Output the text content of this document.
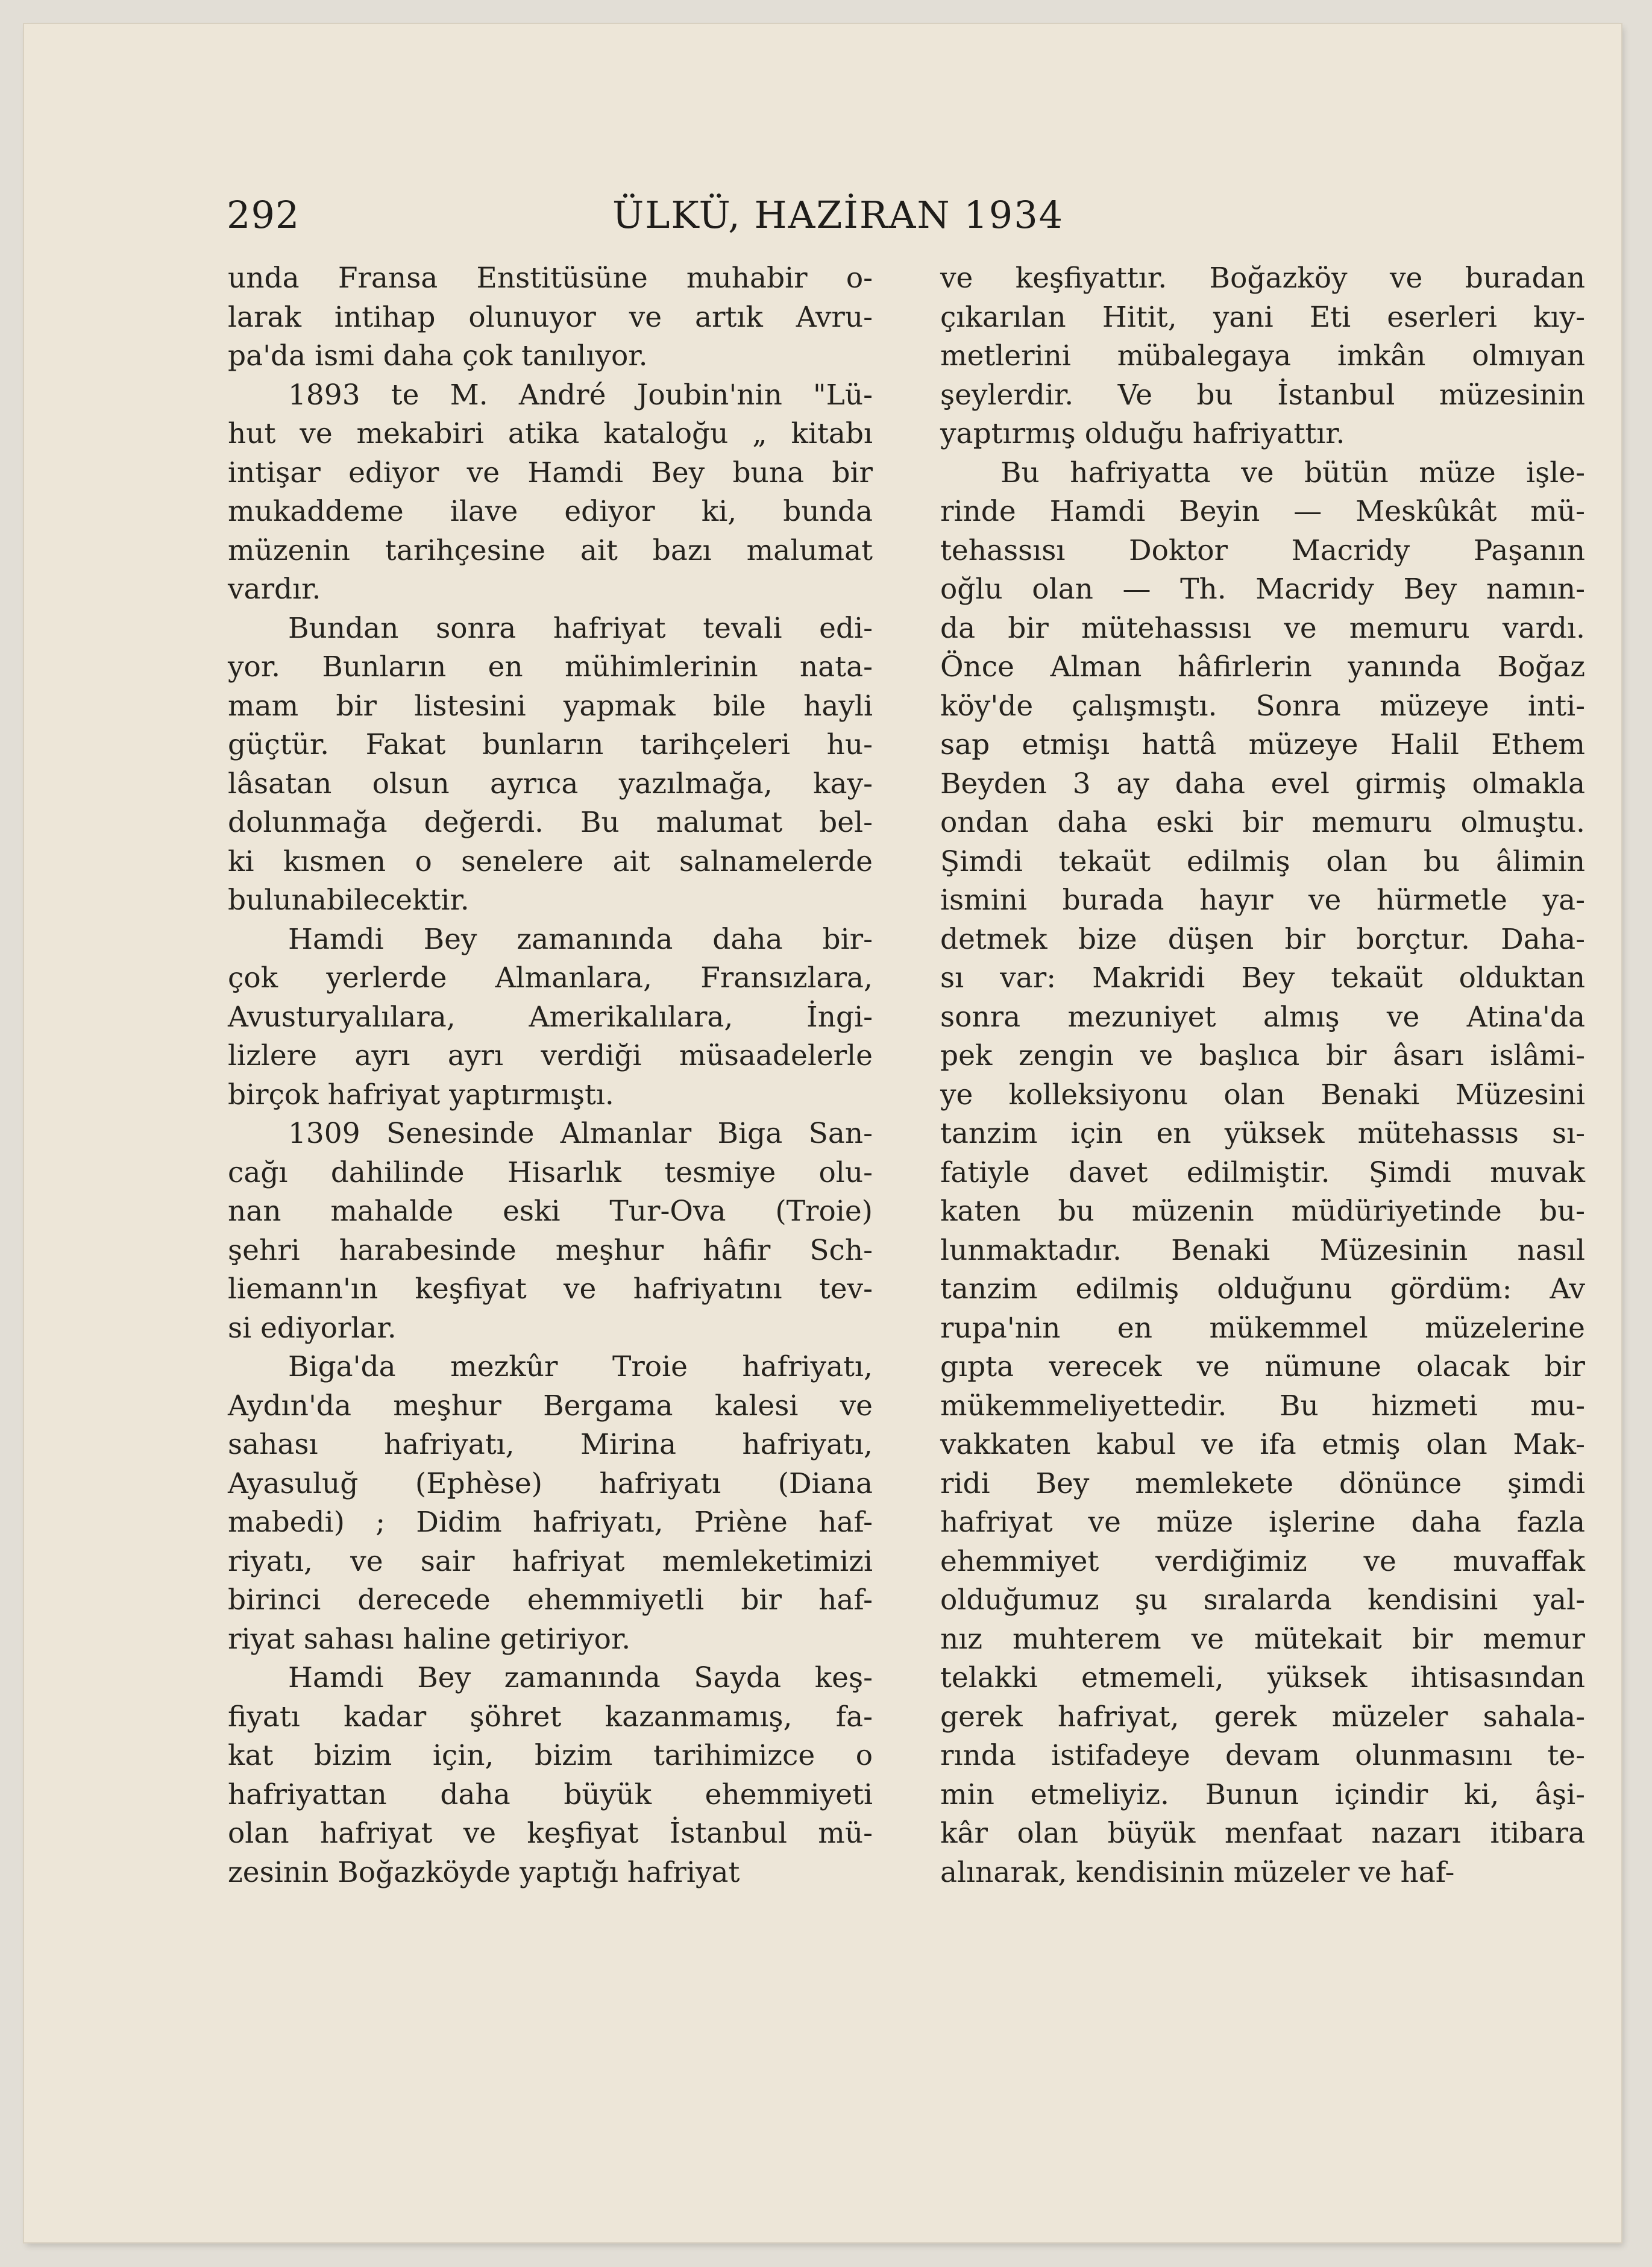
292	ÜLKÜ, HAZİRAN 1934
unda Fransa Enstitüsüne muhabir o-
larak intihap olunuyor ve artık Avru-
pa'da ismi daha çok tanılıyor.
1893 te M. André Joubin'nin "Lü-
hut ve mekabiri atika kataloğu „ kitabı
intişar ediyor ve Hamdi Bey buna bir
mukaddeme ilave ediyor ki, bunda
müzenin tarihçesine ait bazı malumat
vardır.
Bundan sonra hafriyat tevali edi-
yor. Bunların en mühimlerinin nata-
mam bir listesini yapmak bile hayli
güçtür. Fakat bunların tarihçeleri hu-
lâsatan olsun ayrıca yazılmağa, kay-
dolunmağa değerdi. Bu malumat bel-
ki kısmen o senelere ait salnamelerde
bulunabilecektir.
Hamdi Bey zamanında daha bir-
çok yerlerde Almanlara, Fransızlara,
Avusturyalılara, Amerikalılara, İngi-
lizlere ayrı ayrı verdiği müsaadelerle
birçok hafriyat yaptırmıştı.
1309 Senesinde Almanlar Biga San-
cağı dahilinde Hisarlık tesmiye olu-
nan mahalde eski Tur-Ova (Troie)
şehri harabesinde meşhur hâfir Sch-
liemann'ın keşfiyat ve hafriyatını tev-
si ediyorlar.
Biga'da mezkûr Troie hafriyatı,
Aydın'da meşhur Bergama kalesi ve
sahası hafriyatı, Mirina hafriyatı,
Ayasuluğ (Ephèse) hafriyatı (Diana
mabedi) ; Didim hafriyatı, Priène haf-
riyatı, ve sair hafriyat memleketimizi
birinci derecede ehemmiyetli bir haf-
riyat sahası haline getiriyor.
Hamdi Bey zamanında Sayda keş-
fiyatı kadar şöhret kazanmamış, fa-
kat bizim için, bizim tarihimizce o
hafriyattan daha büyük ehemmiyeti
olan hafriyat ve keşfiyat İstanbul mü-
zesinin Boğazköyde yaptığı hafriyat
ve keşfiyattır. Boğazköy ve buradan
çıkarılan Hitit, yani Eti eserleri kıy-
metlerini mübalegaya imkân olmıyan
şeylerdir. Ve bu İstanbul müzesinin
yaptırmış olduğu hafriyattır.
Bu hafriyatta ve bütün müze işle-
rinde Hamdi Beyin — Meskûkât mü-
tehassısı Doktor Macridy Paşanın
oğlu olan — Th. Macridy Bey namın-
da bir mütehassısı ve memuru vardı.
Önce Alman hâfirlerin yanında Boğaz
köy'de çalışmıştı. Sonra müzeye inti-
sap etmişı hattâ müzeye Halil Ethem
Beyden 3 ay daha evel girmiş olmakla
ondan daha eski bir memuru olmuştu.
Şimdi tekaüt edilmiş olan bu âlimin
ismini burada hayır ve hürmetle ya-
detmek bize düşen bir borçtur. Daha-
sı var: Makridi Bey tekaüt olduktan
sonra mezuniyet almış ve Atina'da
pek zengin ve başlıca bir âsarı islâmi-
ye kolleksiyonu olan Benaki Müzesini
tanzim için en yüksek mütehassıs sı-
fatiyle davet edilmiştir. Şimdi muvak
katen bu müzenin müdüriyetinde bu-
lunmaktadır. Benaki Müzesinin nasıl
tanzim edilmiş olduğunu gördüm: Av
rupa'nin en mükemmel müzelerine
gıpta verecek ve nümune olacak bir
mükemmeliyettedir. Bu hizmeti mu-
vakkaten kabul ve ifa etmiş olan Mak-
ridi Bey memlekete dönünce şimdi
hafriyat ve müze işlerine daha fazla
ehemmiyet verdiğimiz ve muvaffak
olduğumuz şu sıralarda kendisini yal-
nız muhterem ve mütekait bir memur
telakki etmemeli, yüksek ihtisasından
gerek hafriyat, gerek müzeler sahala-
rında istifadeye devam olunmasını te-
min etmeliyiz. Bunun içindir ki, âşi-
kâr olan büyük menfaat nazarı itibara
alınarak, kendisinin müzeler ve haf-
